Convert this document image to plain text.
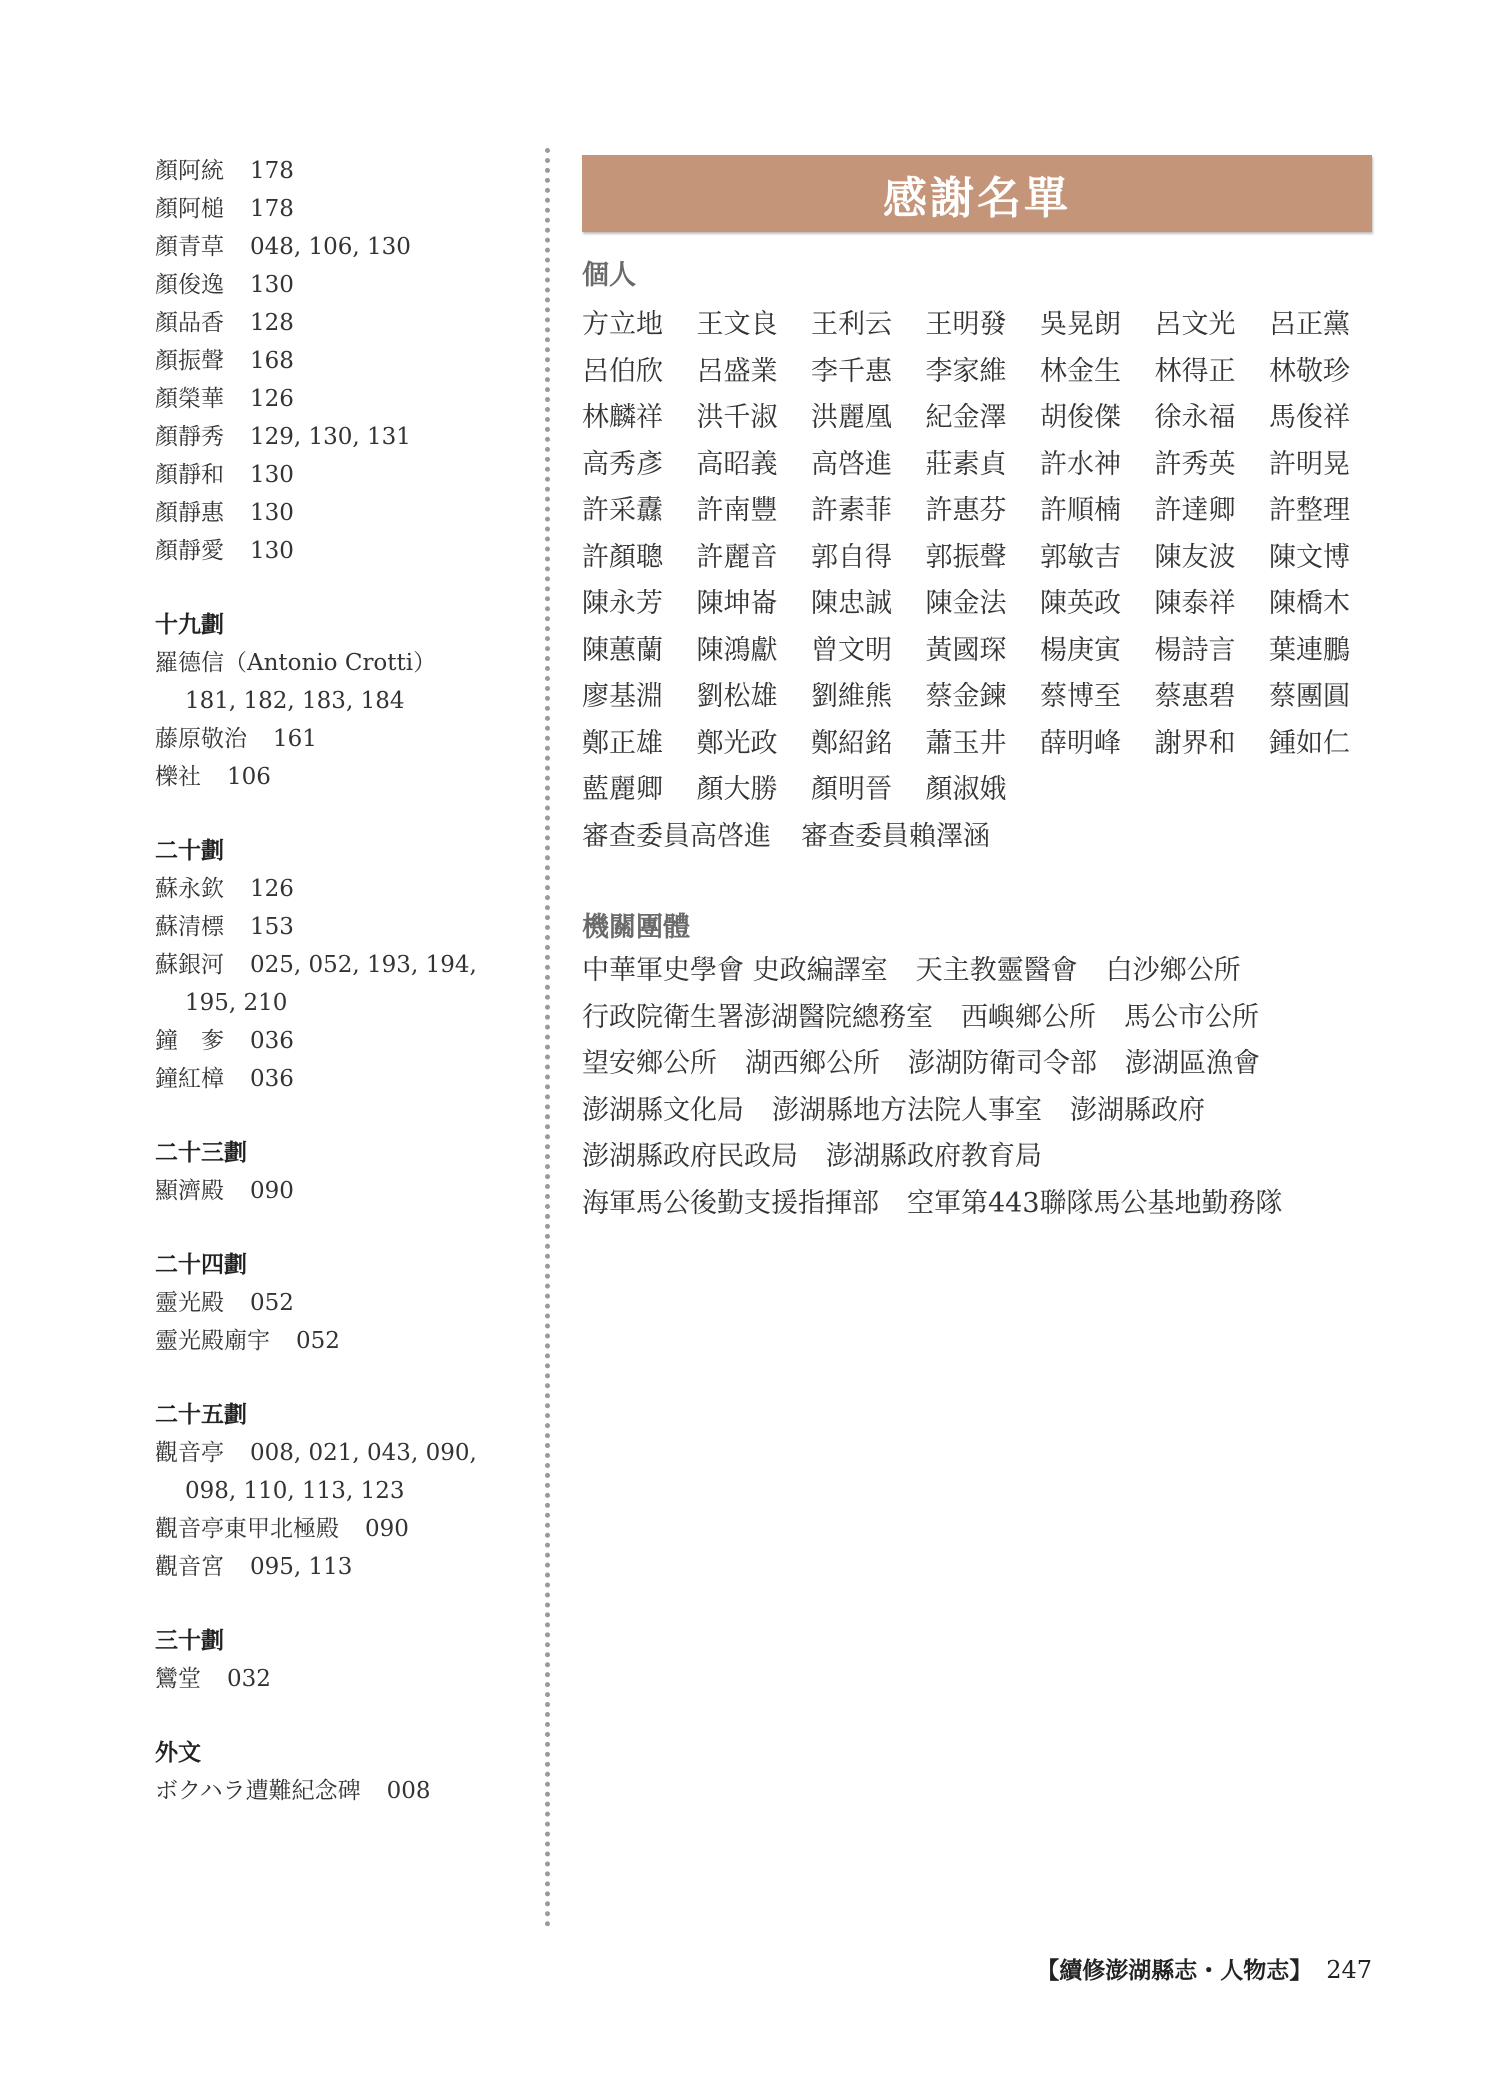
顏阿統 178
顏阿槌 178
顏青草 048, 106, 130
顏俊逸 130
顏品香 128
顏振聲 168
顏榮華 126
顏靜秀 129, 130, 131
顏靜和 130
顏靜惠 130
顏靜愛 130
十九劃
羅德信（Antonio Crotti）
181, 182, 183, 184
藤原敬治 161
櫟社 106
二十劃
蘇永欽 126
蘇清標 153
蘇銀河 025, 052, 193, 194,
195, 210
鐘　奓 036
鐘紅樟 036
二十三劃
顯濟殿 090
二十四劃
靈光殿 052
靈光殿廟宇 052
二十五劃
觀音亭 008, 021, 043, 090,
098, 110, 113, 123
觀音亭東甲北極殿 090
觀音宮 095, 113
三十劃
鸞堂 032
外文
ボクハラ遭難紀念碑 008
感謝名單
個人
方立地	王文良	王利云	王明發	吳晃朗	呂文光	呂正黨
呂伯欣	呂盛業	李千惠	李家維	林金生	林得正	林敬珍
林麟祥	洪千淑	洪麗凰	紀金澤	胡俊傑	徐永福	馬俊祥
高秀彥	高昭義	高啓進	莊素貞	許水神	許秀英	許明晃
許采纛	許南豐	許素菲	許惠芬	許順楠	許達卿	許整理
許顏聰	許麗音	郭自得	郭振聲	郭敏吉	陳友波	陳文博
陳永芳	陳坤崙	陳忠誠	陳金法	陳英政	陳泰祥	陳橋木
陳蕙蘭	陳鴻獻	曾文明	黃國琛	楊庚寅	楊詩言	葉連鵬
廖基淵	劉松雄	劉維熊	蔡金鍊	蔡博至	蔡惠碧	蔡團圓
鄭正雄	鄭光政	鄭紹銘	蕭玉井	薛明峰	謝界和	鍾如仁
藍麗卿	顏大勝	顏明晉	顏淑娥
審查委員高啓進 審查委員賴澤涵
機關團體
中華軍史學會 史政編譯室 天主教靈醫會 白沙鄉公所
行政院衛生署澎湖醫院總務室 西嶼鄉公所 馬公市公所
望安鄉公所 湖西鄉公所 澎湖防衛司令部 澎湖區漁會
澎湖縣文化局 澎湖縣地方法院人事室 澎湖縣政府
澎湖縣政府民政局 澎湖縣政府教育局
海軍馬公後勤支援指揮部 空軍第443聯隊馬公基地勤務隊
【續修澎湖縣志・人物志】 247
